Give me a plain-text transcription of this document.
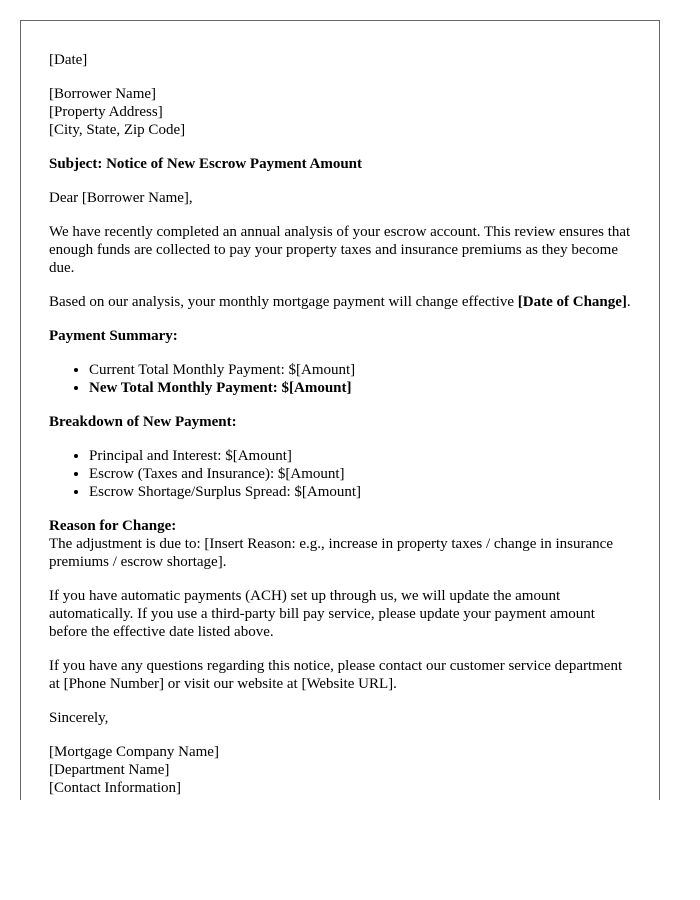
[Date]

[Borrower Name]
[Property Address]
[City, State, Zip Code]

Subject: Notice of New Escrow Payment Amount

Dear [Borrower Name],

We have recently completed an annual analysis of your escrow account. This review ensures that enough funds are collected to pay your property taxes and insurance premiums as they become due.

Based on our analysis, your monthly mortgage payment will change effective [Date of Change].

Payment Summary:

• Current Total Monthly Payment: $[Amount]
• New Total Monthly Payment: $[Amount]

Breakdown of New Payment:

• Principal and Interest: $[Amount]
• Escrow (Taxes and Insurance): $[Amount]
• Escrow Shortage/Surplus Spread: $[Amount]
Reason for Change:
The adjustment is due to: [Insert Reason: e.g., increase in property taxes / change in insurance premiums / escrow shortage].

If you have automatic payments (ACH) set up through us, we will update the amount automatically. If you use a third-party bill pay service, please update your payment amount before the effective date listed above.

If you have any questions regarding this notice, please contact our customer service department at [Phone Number] or visit our website at [Website URL].

Sincerely,

[Mortgage Company Name]
[Department Name]
[Contact Information]
